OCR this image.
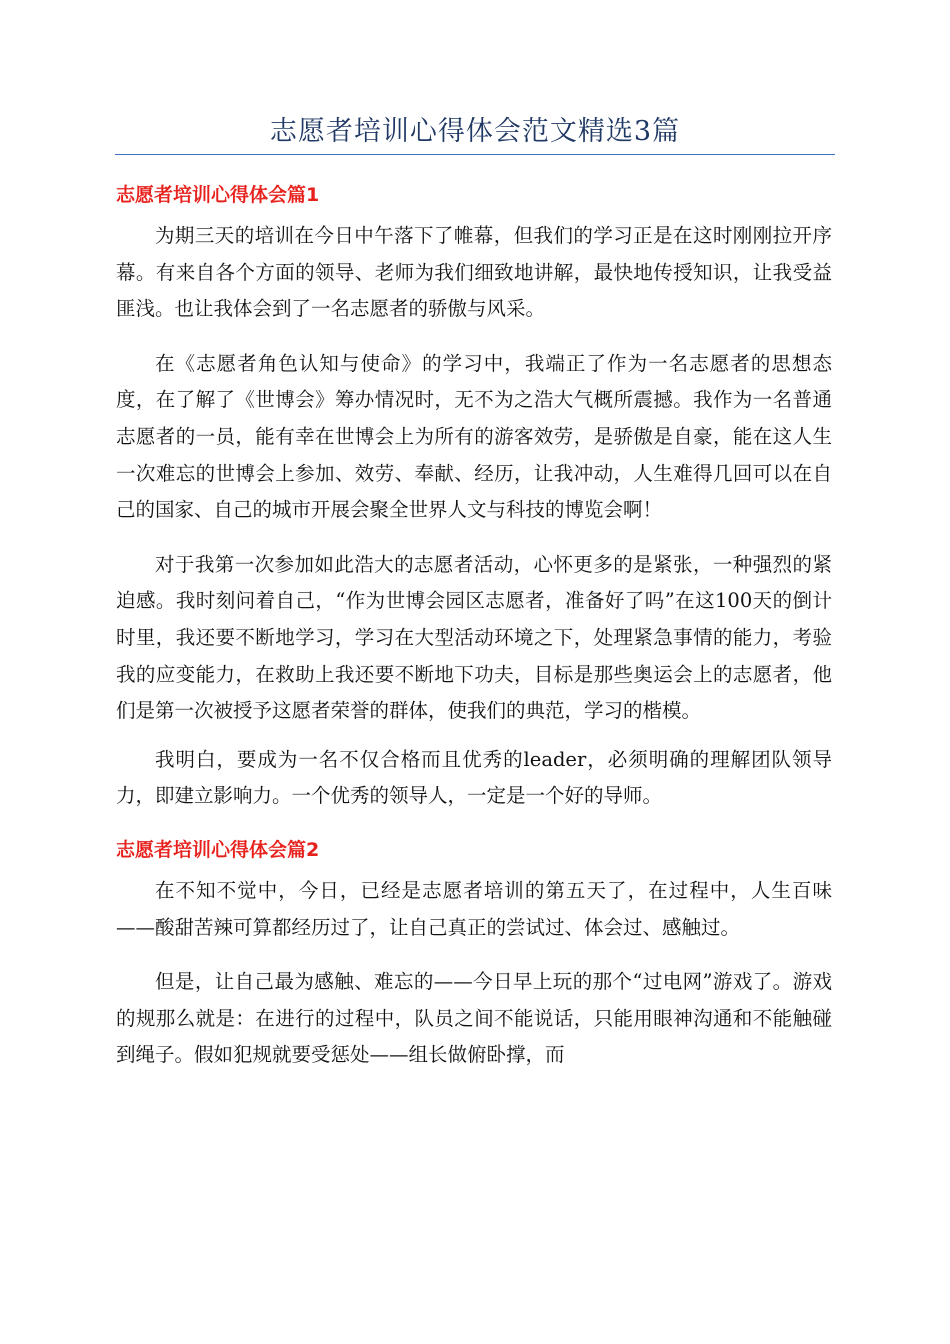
志愿者培训心得体会范文精选3篇
志愿者培训心得体会篇1

为期三天的培训在今日中午落下了帷幕，但我们的学习正是在这时刚刚拉开序幕。有来自各个方面的领导、老师为我们细致地讲解，最快地传授知识，让我受益匪浅。也让我体会到了一名志愿者的骄傲与风采。

在《志愿者角色认知与使命》的学习中，我端正了作为一名志愿者的思想态度，在了解了《世博会》筹办情况时，无不为之浩大气概所震撼。我作为一名普通志愿者的一员，能有幸在世博会上为所有的游客效劳，是骄傲是自豪，能在这人生一次难忘的世博会上参加、效劳、奉献、经历，让我冲动，人生难得几回可以在自己的国家、自己的城市开展会聚全世界人文与科技的博览会啊！

对于我第一次参加如此浩大的志愿者活动，心怀更多的是紧张，一种强烈的紧迫感。我时刻问着自己，“作为世博会园区志愿者，准备好了吗”在这100天的倒计时里，我还要不断地学习，学习在大型活动环境之下，处理紧急事情的能力，考验我的应变能力，在救助上我还要不断地下功夫，目标是那些奥运会上的志愿者，他们是第一次被授予这愿者荣誉的群体，使我们的典范，学习的楷模。

我明白，要成为一名不仅合格而且优秀的leader，必须明确的理解团队领导力，即建立影响力。一个优秀的领导人，一定是一个好的导师。

志愿者培训心得体会篇2

在不知不觉中，今日，已经是志愿者培训的第五天了，在过程中，人生百味——酸甜苦辣可算都经历过了，让自己真正的尝试过、体会过、感触过。

但是，让自己最为感触、难忘的——今日早上玩的那个“过电网”游戏了。游戏的规那么就是：在进行的过程中，队员之间不能说话，只能用眼神沟通和不能触碰到绳子。假如犯规就要受惩处——组长做俯卧撑，而
